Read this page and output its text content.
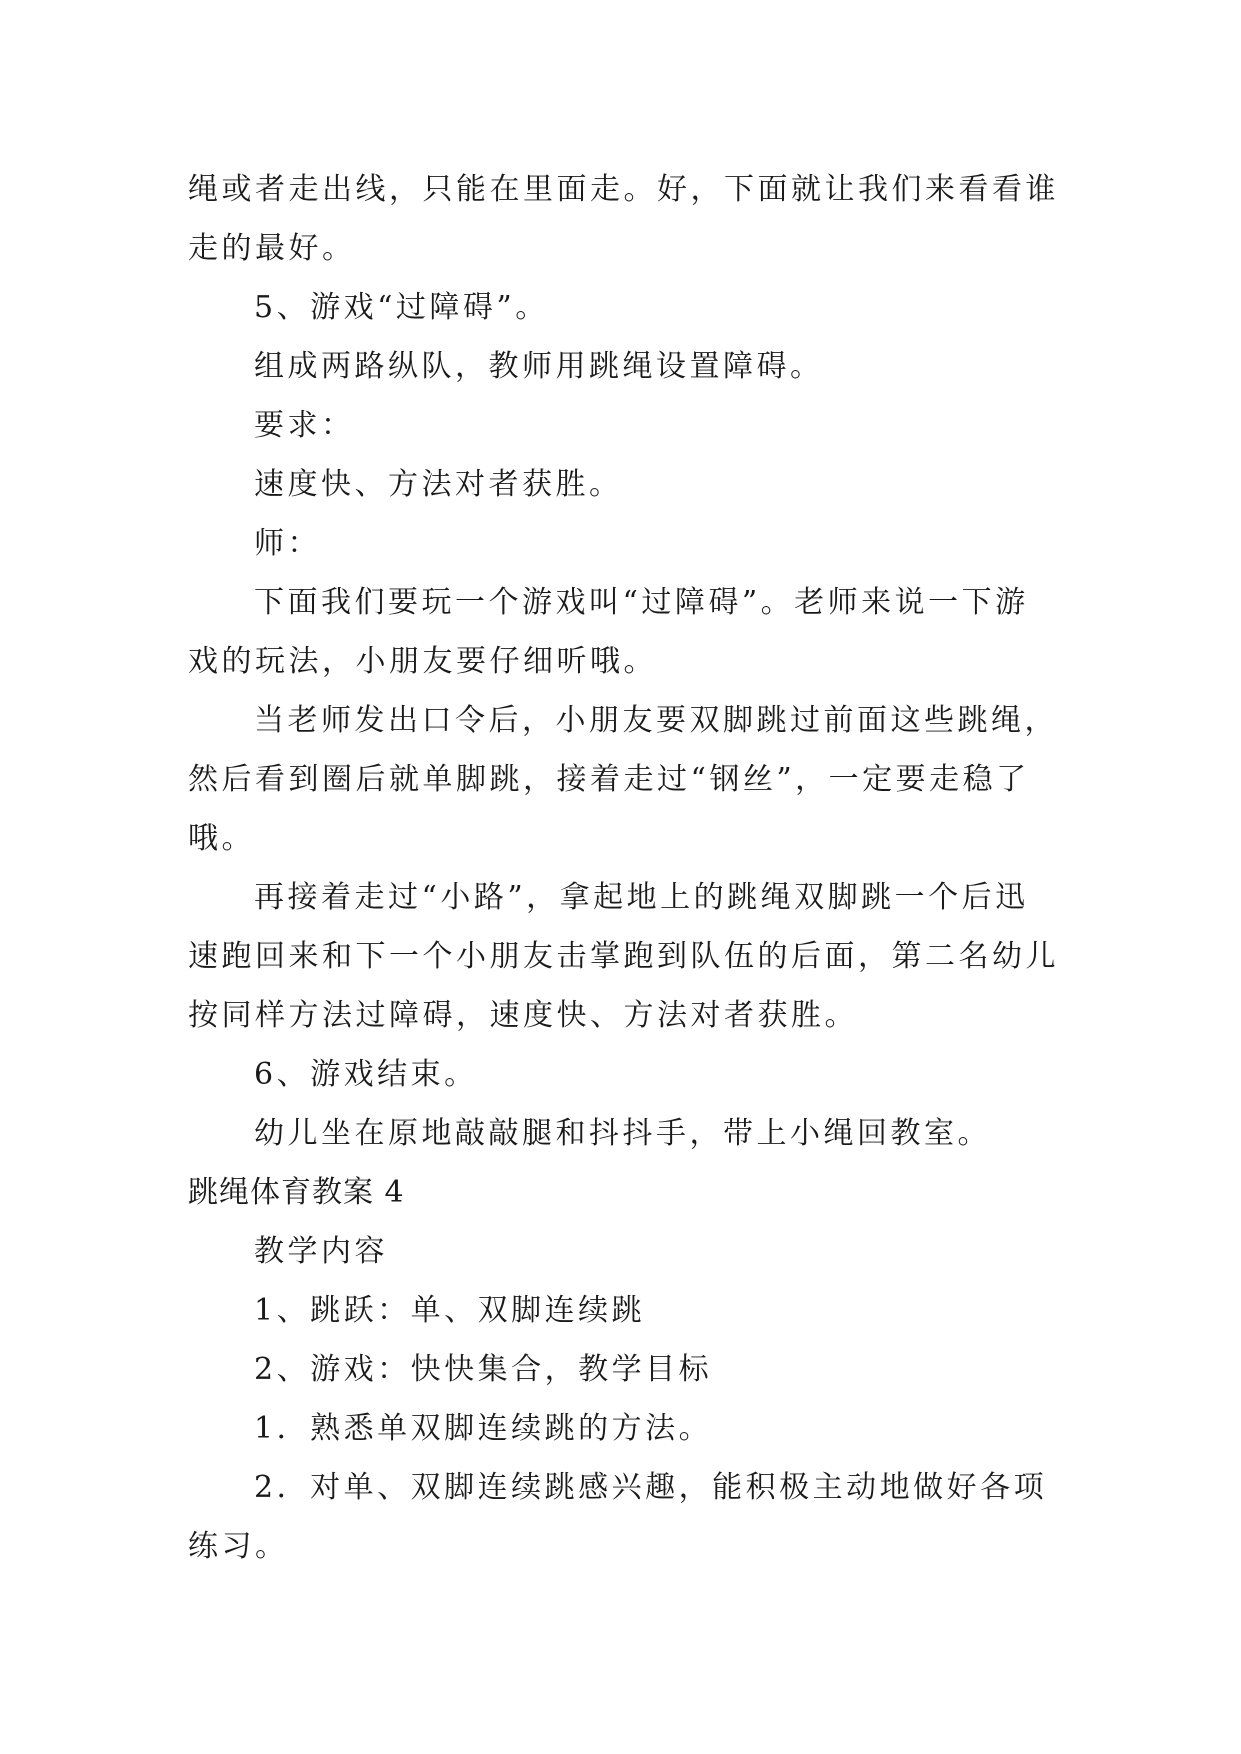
绳或者走出线，只能在里面走。好，下面就让我们来看看谁
走的最好。
5、游戏“过障碍”。
组成两路纵队，教师用跳绳设置障碍。
要求：
速度快、方法对者获胜。
师：
下面我们要玩一个游戏叫“过障碍”。老师来说一下游
戏的玩法，小朋友要仔细听哦。
当老师发出口令后，小朋友要双脚跳过前面这些跳绳，
然后看到圈后就单脚跳，接着走过“钢丝”，一定要走稳了
哦。
再接着走过“小路”，拿起地上的跳绳双脚跳一个后迅
速跑回来和下一个小朋友击掌跑到队伍的后面，第二名幼儿
按同样方法过障碍，速度快、方法对者获胜。
6、游戏结束。
幼儿坐在原地敲敲腿和抖抖手，带上小绳回教室。
跳绳体育教案 4
教学内容
1、跳跃：单、双脚连续跳
2、游戏：快快集合，教学目标
1．熟悉单双脚连续跳的方法。
2．对单、双脚连续跳感兴趣，能积极主动地做好各项
练习。
